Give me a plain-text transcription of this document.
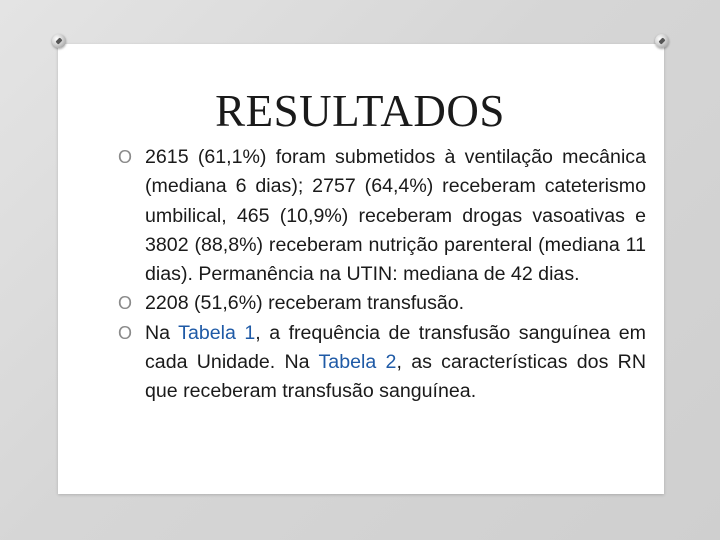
RESULTADOS
O 2615 (61,1%) foram submetidos à ventilação mecânica (mediana 6 dias); 2757 (64,4%) receberam cateterismo umbilical, 465 (10,9%) receberam drogas vasoativas e 3802 (88,8%) receberam nutrição parenteral (mediana 11 dias). Permanência na UTIN: mediana de 42 dias.
O 2208 (51,6%) receberam transfusão.
O Na Tabela 1, a frequência de transfusão sanguínea em cada Unidade. Na Tabela 2, as características dos RN que receberam transfusão sanguínea.
